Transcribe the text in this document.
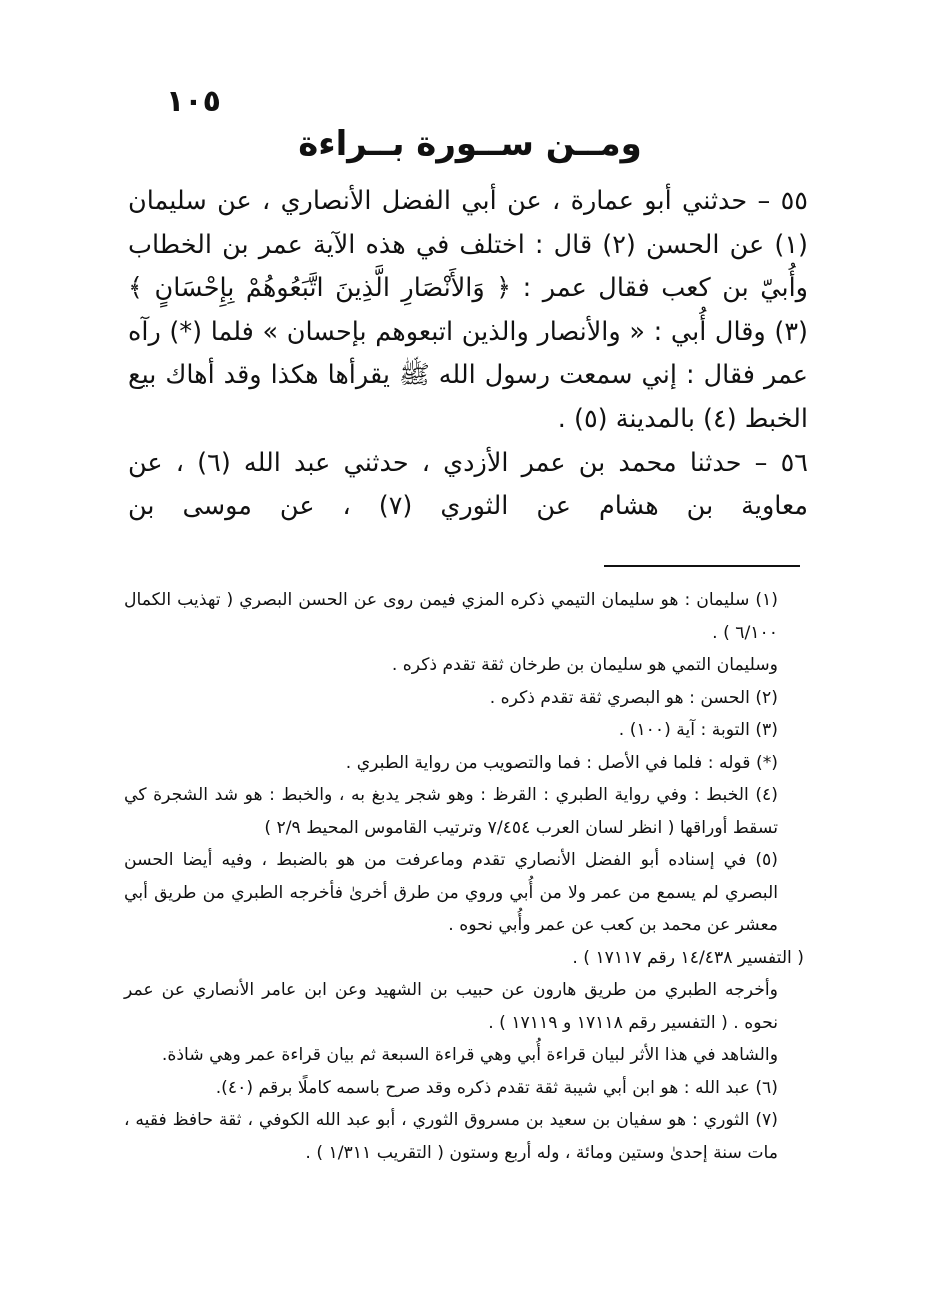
١٠٥
ومــن ســورة بــراءة

٥٥ – حدثني أبو عمارة ، عن أبي الفضل الأنصاري ، عن سليمان (١) عن الحسن (٢) قال : اختلف في هذه الآية عمر بن الخطاب وأُبيّ بن كعب فقال عمر : ﴿ وَالأَنْصَارِ الَّذِينَ اتَّبَعُوهُمْ بِإِحْسَانٍ ﴾ (٣) وقال أُبي : « والأنصار والذين اتبعوهم بإحسان » فلما (*) رآه عمر فقال : إني سمعت رسول الله ﷺ يقرأها هكذا وقد أهاك بيع الخبط (٤) بالمدينة (٥) .

٥٦ – حدثنا محمد بن عمر الأزدي ، حدثني عبد الله (٦) ، عن معاوية بن هشام عن الثوري (٧) ، عن موسى بن

(١) سليمان : هو سليمان التيمي ذكره المزي فيمن روى عن الحسن البصري ( تهذيب الكمال ٦/١٠٠ ) .

وسليمان التمي هو سليمان بن طرخان ثقة تقدم ذكره .

(٢) الحسن : هو البصري ثقة تقدم ذكره .

(٣) التوبة : آية (١٠٠) .

(*) قوله : فلما في الأصل : فما والتصويب من رواية الطبري .

(٤) الخبط : وفي رواية الطبري : القرظ : وهو شجر يدبغ به ، والخبط : هو شد الشجرة كي تسقط أوراقها ( انظر لسان العرب ٧/٤٥٤ وترتيب القاموس المحيط ٢/٩ )

(٥) في إسناده أبو الفضل الأنصاري تقدم وماعرفت من هو بالضبط ، وفيه أيضا الحسن البصري لم يسمع من عمر ولا من أُبي وروي من طرق أخرىٰ فأخرجه الطبري من طريق أبي معشر عن محمد بن كعب عن عمر وأُبي نحوه .

( التفسير ١٤/٤٣٨ رقم ١٧١١٧ ) .

وأخرجه الطبري من طريق هارون عن حبيب بن الشهيد وعن ابن عامر الأنصاري عن عمر نحوه . ( التفسير رقم ١٧١١٨ و ١٧١١٩ ) .

والشاهد في هذا الأثر لبيان قراءة أُبي وهي قراءة السبعة ثم بيان قراءة عمر وهي شاذة.

(٦) عبد الله : هو ابن أبي شيبة ثقة تقدم ذكره وقد صرح باسمه كاملًا برقم (٤٠).

(٧) الثوري : هو سفيان بن سعيد بن مسروق الثوري ، أبو عبد الله الكوفي ، ثقة حافظ فقيه ، مات سنة إحدىٰ وستين ومائة ، وله أربع وستون ( التقريب ١/٣١١ ) .
